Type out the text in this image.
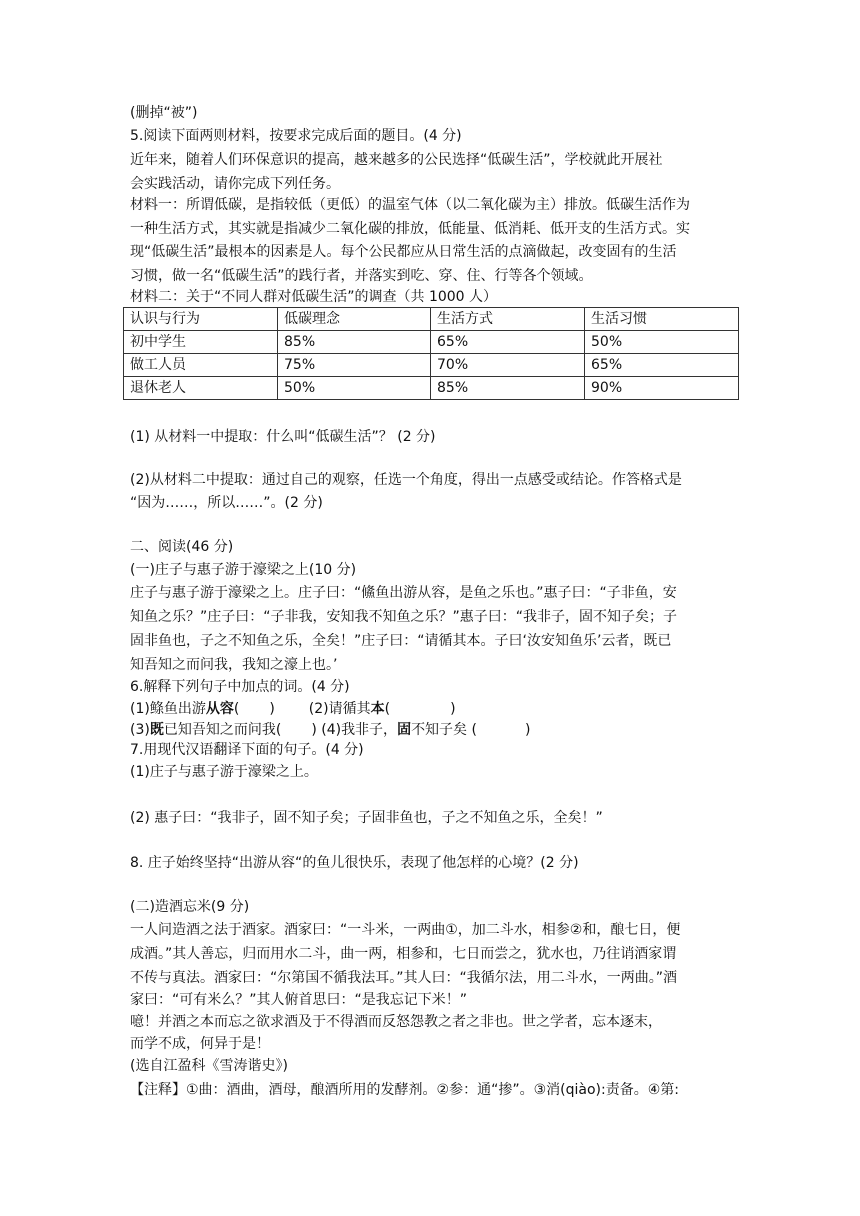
(删掉“被”)
5.阅读下面两则材料，按要求完成后面的题目。(4 分)
近年来，随着人们环保意识的提高，越来越多的公民选择“低碳生活”，学校就此开展社
会实践活动，请你完成下列任务。
材料一：所谓低碳，是指较低（更低）的温室气体（以二氧化碳为主）排放。低碳生活作为
一种生活方式，其实就是指减少二氧化碳的排放，低能量、低消耗、低开支的生活方式。实
现“低碳生活”最根本的因素是人。每个公民都应从日常生活的点滴做起，改变固有的生活
习惯，做一名“低碳生活”的践行者，并落实到吃、穿、住、行等各个领域。
材料二：关于“不同人群对低碳生活”的调查（共 1000 人）
认识与行为	低碳理念	生活方式	生活习惯
初中学生	85%	65%	50%
做工人员	75%	70%	65%
退休老人	50%	85%	90%
(1) 从材料一中提取：什么叫“低碳生活”？ (2 分)
(2)从材料二中提取：通过自己的观察，任选一个角度，得出一点感受或结论。作答格式是
“因为……，所以……”。(2 分)
二、阅读(46 分)
(一)庄子与惠子游于濠梁之上(10 分)
庄子与惠子游于濠梁之上。庄子曰：“鯈鱼出游从容，是鱼之乐也。”惠子曰：“子非鱼，安
知鱼之乐？”庄子曰：“子非我，安知我不知鱼之乐？”惠子曰：“我非子，固不知子矣；子
固非鱼也，子之不知鱼之乐，全矣！”庄子曰：“请循其本。子曰‘汝安知鱼乐’云者，既已
知吾知之而问我，我知之濠上也。’
6.解释下列句子中加点的词。(4 分)
(1)鲦鱼出游从容( ) (2)请循其本(	)
(3)既已知吾知之而问我( ) (4)我非子，固不知子矣 (	)
7.用现代汉语翻译下面的句子。(4 分)
(1)庄子与惠子游于濠梁之上。
(2) 惠子曰：“我非子，固不知子矣；子固非鱼也，子之不知鱼之乐，全矣！”
8. 庄子始终坚持“出游从容“的鱼儿很快乐，表现了他怎样的心境？(2 分)
(二)造酒忘米(9 分)
一人问造酒之法于酒家。酒家曰：“一斗米，一两曲①，加二斗水，相参②和，酿七日，便
成酒。”其人善忘，归而用水二斗，曲一两，相参和，七日而尝之，犹水也，乃往诮酒家谓
不传与真法。酒家曰：“尔第国不循我法耳。”其人曰：“我循尔法，用二斗水，一两曲。”酒
家曰：“可有米么？”其人俯首思曰：“是我忘记下米！”
噫！并酒之本而忘之欲求酒及于不得酒而反怒怨教之者之非也。世之学者，忘本逐末，
而学不成，何异于是！
(选自江盈科《雪涛谐史》)
【注释】①曲：酒曲，酒母，酿酒所用的发酵剂。②参：通“掺”。③消(qiào):责备。④第:
